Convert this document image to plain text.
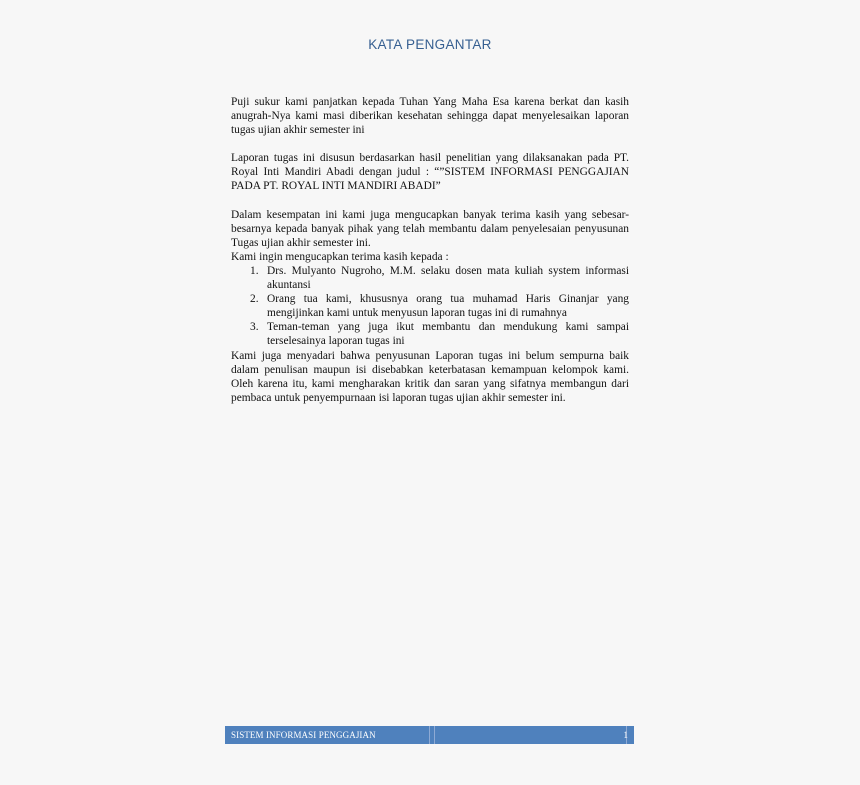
KATA PENGANTAR

Puji sukur kami panjatkan kepada Tuhan Yang Maha Esa karena berkat dan kasih anugrah-Nya kami masi diberikan kesehatan sehingga dapat menyelesaikan laporan tugas ujian akhir semester ini

Laporan tugas ini disusun berdasarkan hasil penelitian yang dilaksanakan pada PT. Royal Inti Mandiri Abadi dengan judul : “”SISTEM INFORMASI PENGGAJIAN PADA PT. ROYAL INTI MANDIRI ABADI”

Dalam kesempatan ini kami juga mengucapkan banyak terima kasih yang sebesar-besarnya kepada banyak pihak yang telah membantu dalam penyelesaian penyusunan Tugas ujian akhir semester ini.

Kami ingin mengucapkan terima kasih kepada :

1. Drs. Mulyanto Nugroho, M.M. selaku dosen mata kuliah system informasi akuntansi
2. Orang tua kami, khususnya orang tua muhamad Haris Ginanjar yang mengijinkan kami untuk menyusun laporan tugas ini di rumahnya
3. Teman-teman yang juga ikut membantu dan mendukung kami sampai terselesainya laporan tugas ini

Kami juga menyadari bahwa penyusunan Laporan tugas ini belum sempurna baik dalam penulisan maupun isi disebabkan keterbatasan kemampuan kelompok kami. Oleh karena itu, kami mengharakan kritik dan saran yang sifatnya membangun dari pembaca untuk penyempurnaan isi laporan tugas ujian akhir semester ini.

SISTEM INFORMASI PENGGAJIAN	1
